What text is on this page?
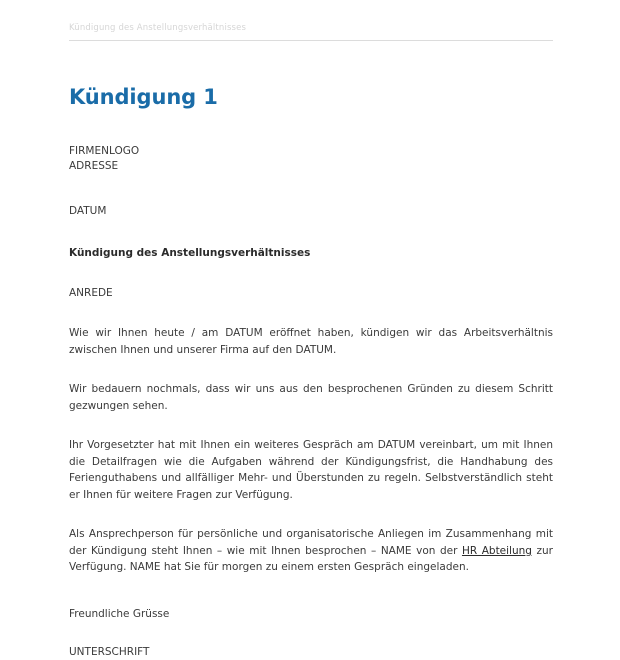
Kündigung des Anstellungsverhältnisses
Kündigung 1
FIRMENLOGO
ADRESSE
DATUM
Kündigung des Anstellungsverhältnisses
ANREDE

Wie wir Ihnen heute / am DATUM eröffnet haben, kündigen wir das Arbeitsverhältnis zwischen Ihnen und unserer Firma auf den DATUM.

Wir bedauern nochmals, dass wir uns aus den besprochenen Gründen zu diesem Schritt gezwungen sehen.

Ihr Vorgesetzter hat mit Ihnen ein weiteres Gespräch am DATUM vereinbart, um mit Ihnen die Detailfragen wie die Aufgaben während der Kündigungsfrist, die Handhabung des Ferienguthabens und allfälliger Mehr- und Überstunden zu regeln. Selbstverständlich steht er Ihnen für weitere Fragen zur Verfügung.

Als Ansprechperson für persönliche und organisatorische Anliegen im Zusammenhang mit der Kündigung steht Ihnen – wie mit Ihnen besprochen – NAME von der HR Abteilung zur Verfügung. NAME hat Sie für morgen zu einem ersten Gespräch eingeladen.

Freundliche Grüsse
UNTERSCHRIFT
